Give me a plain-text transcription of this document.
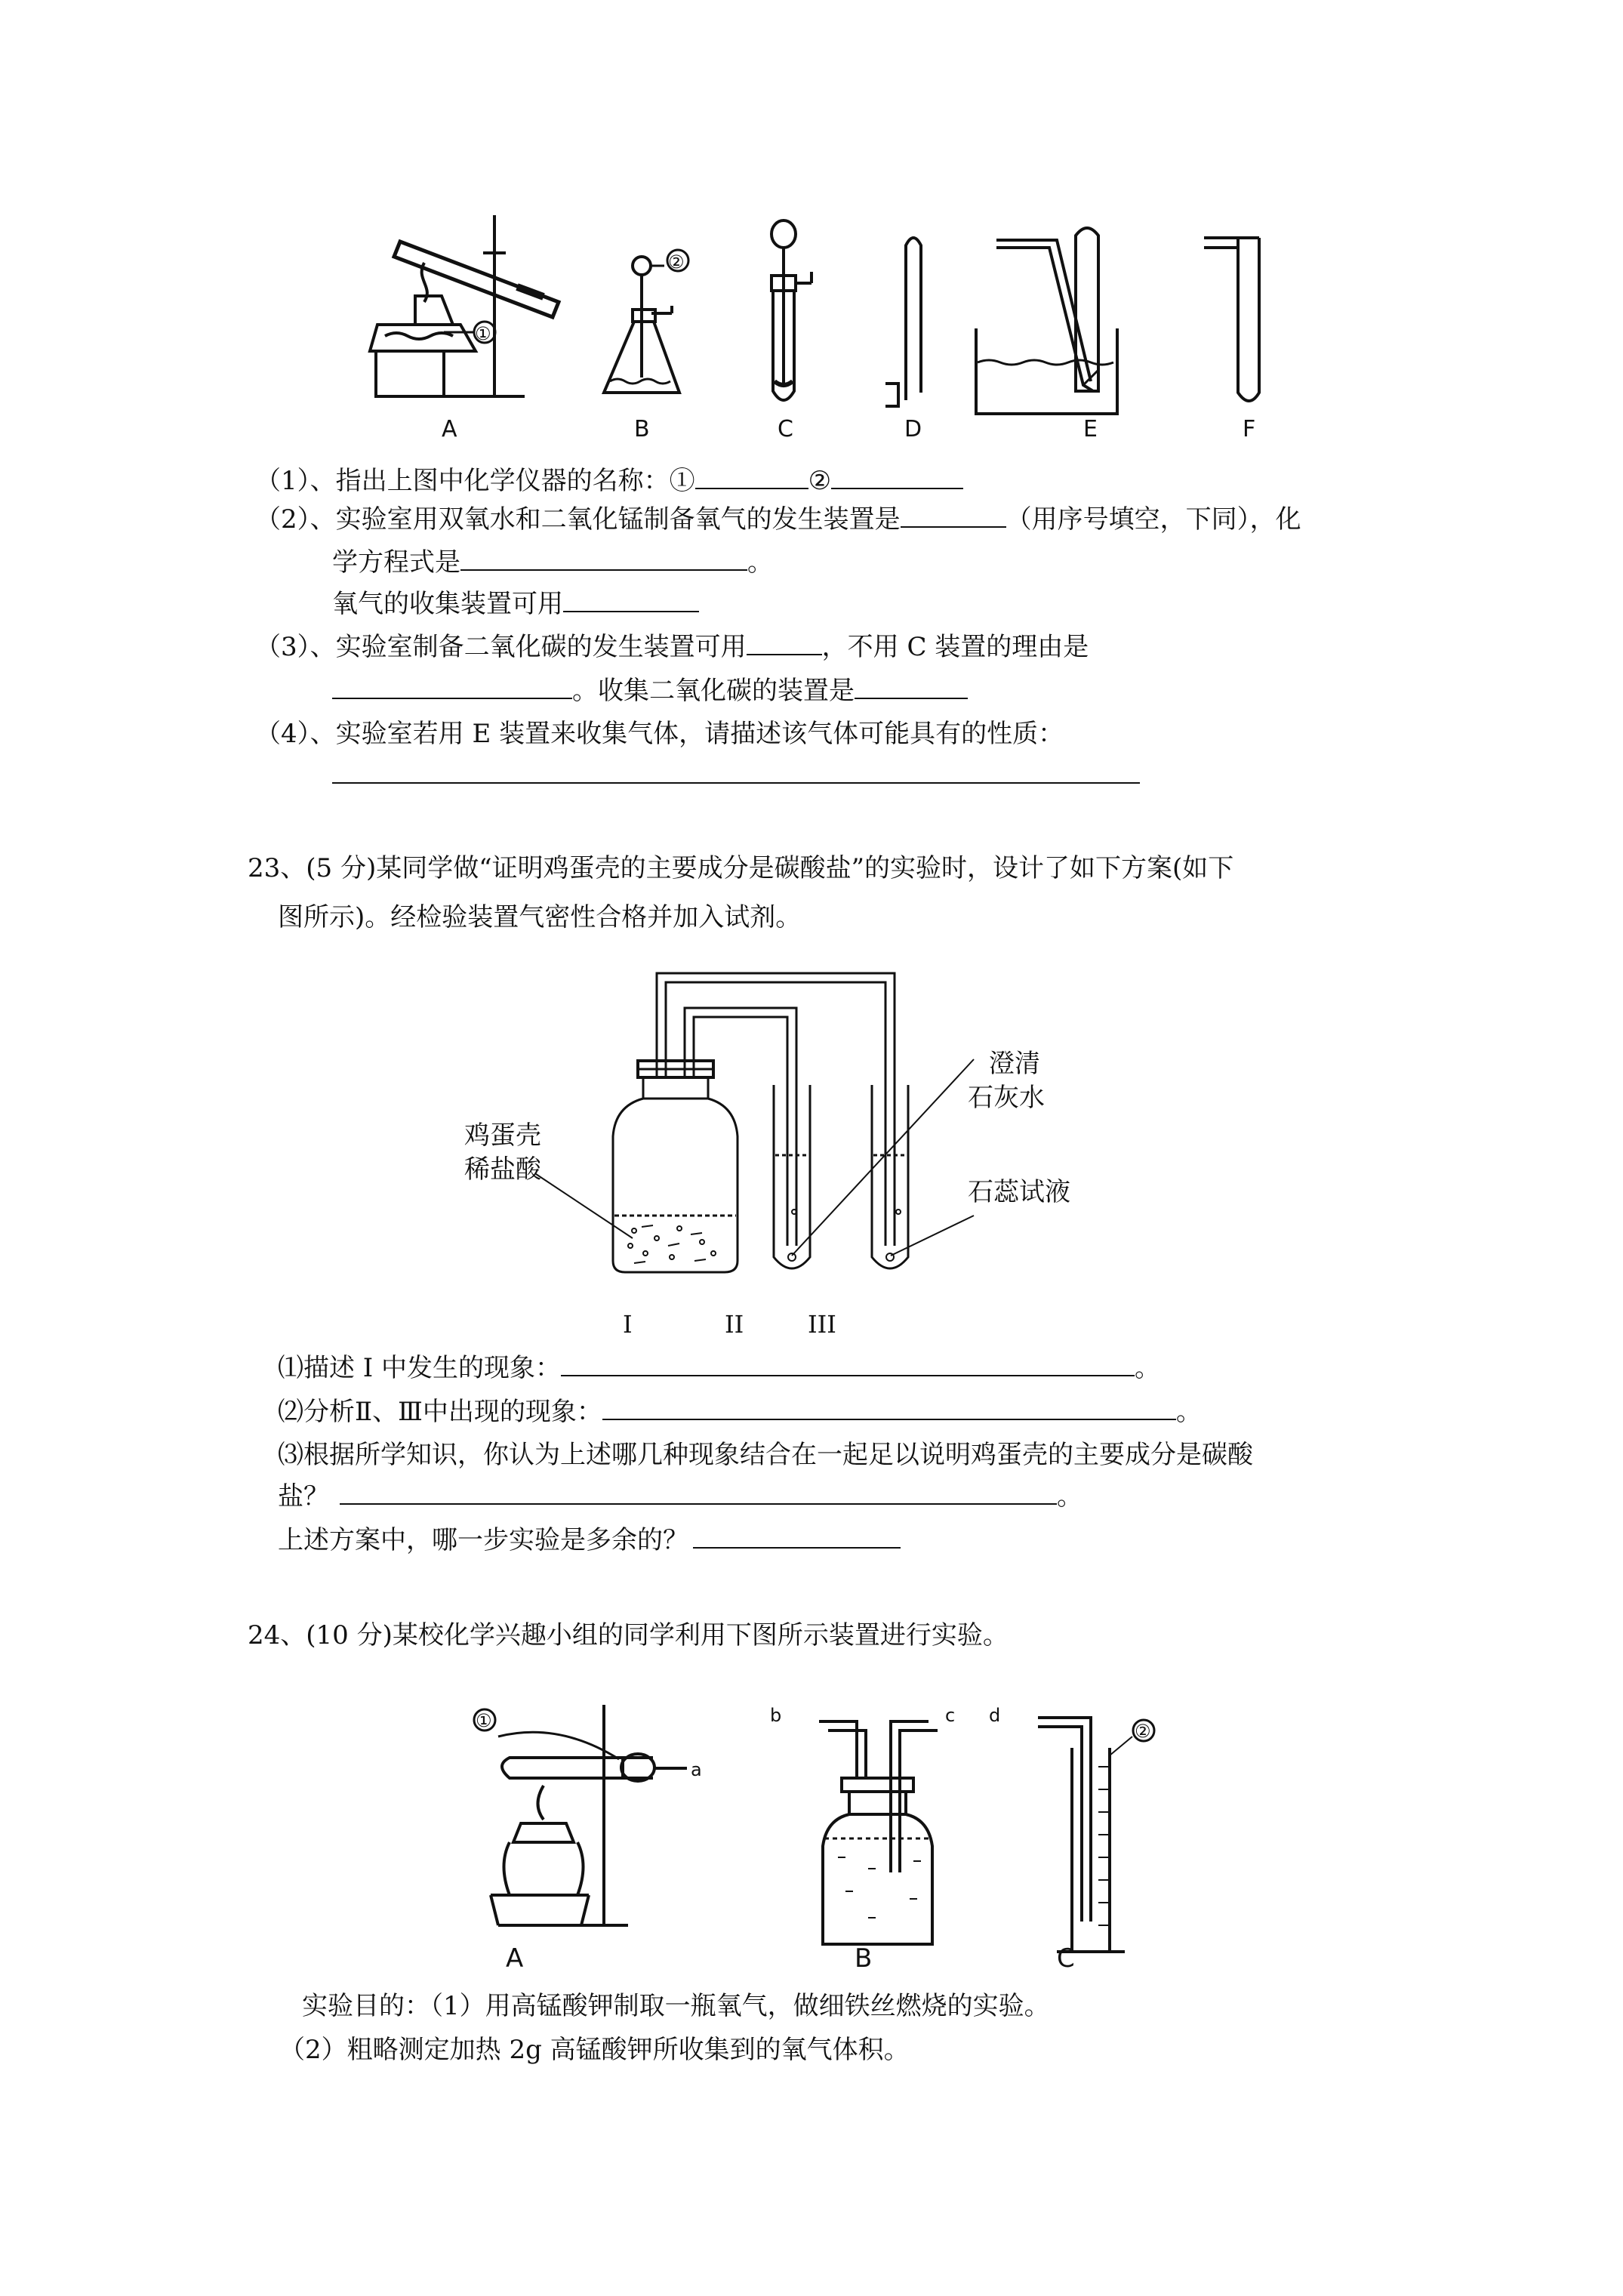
A	B	C	D	E	F
①
②
（1）、指出上图中化学仪器的名称：①	②
（2）、实验室用双氧水和二氧化锰制备氧气的发生装置是	（用序号填空，下同），化
学方程式是	。
氧气的收集装置可用
（3）、实验室制备二氧化碳的发生装置可用	，不用 C 装置的理由是
。收集二氧化碳的装置是
（4）、实验室若用 E 装置来收集气体，请描述该气体可能具有的性质：
23、(5 分)某同学做“证明鸡蛋壳的主要成分是碳酸盐”的实验时，设计了如下方案(如下
图所示)。经检验装置气密性合格并加入试剂。
鸡蛋壳
稀盐酸
澄清
石灰水
石蕊试液
I	II	III
⑴描述 I 中发生的现象：	。
⑵分析Ⅱ、Ⅲ中出现的现象：	。
⑶根据所学知识，你认为上述哪几种现象结合在一起足以说明鸡蛋壳的主要成分是碳酸
盐？	。
上述方案中，哪一步实验是多余的？
24、(10 分)某校化学兴趣小组的同学利用下图所示装置进行实验。
A	B	C
①	②
a
b	c d
实验目的：（1）用高锰酸钾制取一瓶氧气，做细铁丝燃烧的实验。
（2）粗略测定加热 2g 高锰酸钾所收集到的氧气体积。
